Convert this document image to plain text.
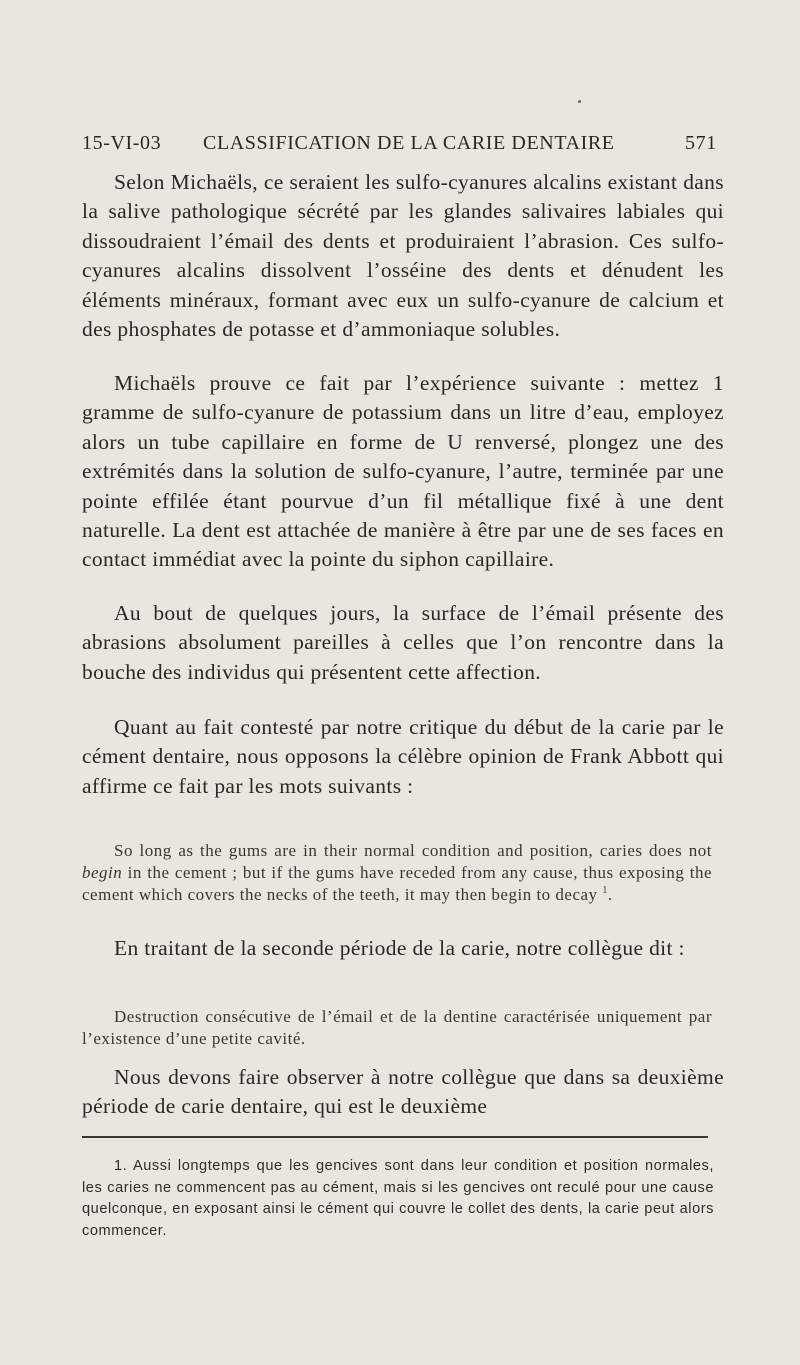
15-VI-03 CLASSIFICATION DE LA CARIE DENTAIRE	571

Selon Michaëls, ce seraient les sulfo-cyanures alcalins existant dans la salive pathologique sécrété par les glandes salivaires labiales qui dissoudraient l’émail des dents et produiraient l’abrasion. Ces sulfo-cyanures alcalins dissolvent l’osséine des dents et dénudent les éléments minéraux, formant avec eux un sulfo-cyanure de calcium et des phosphates de potasse et d’ammoniaque solubles.

Michaëls prouve ce fait par l’expérience suivante : mettez 1 gramme de sulfo-cyanure de potassium dans un litre d’eau, employez alors un tube capillaire en forme de U renversé, plongez une des extrémités dans la solution de sulfo-cyanure, l’autre, terminée par une pointe effilée étant pourvue d’un fil métallique fixé à une dent naturelle. La dent est attachée de manière à être par une de ses faces en contact immédiat avec la pointe du siphon capillaire.

Au bout de quelques jours, la surface de l’émail présente des abrasions absolument pareilles à celles que l’on rencontre dans la bouche des individus qui présentent cette affection.

Quant au fait contesté par notre critique du début de la carie par le cément dentaire, nous opposons la célèbre opinion de Frank Abbott qui affirme ce fait par les mots suivants :

So long as the gums are in their normal condition and position, caries does not begin in the cement ; but if the gums have receded from any cause, thus exposing the cement which covers the necks of the teeth, it may then begin to decay $^1$.

En traitant de la seconde période de la carie, notre collègue dit :

Destruction consécutive de l’émail et de la dentine caractérisée uniquement par l’existence d’une petite cavité.

Nous devons faire observer à notre collègue que dans sa deuxième période de carie dentaire, qui est le deuxième

1. Aussi longtemps que les gencives sont dans leur condition et position normales, les caries ne commencent pas au cément, mais si les gencives ont reculé pour une cause quelconque, en exposant ainsi le cément qui couvre le collet des dents, la carie peut alors commencer.
